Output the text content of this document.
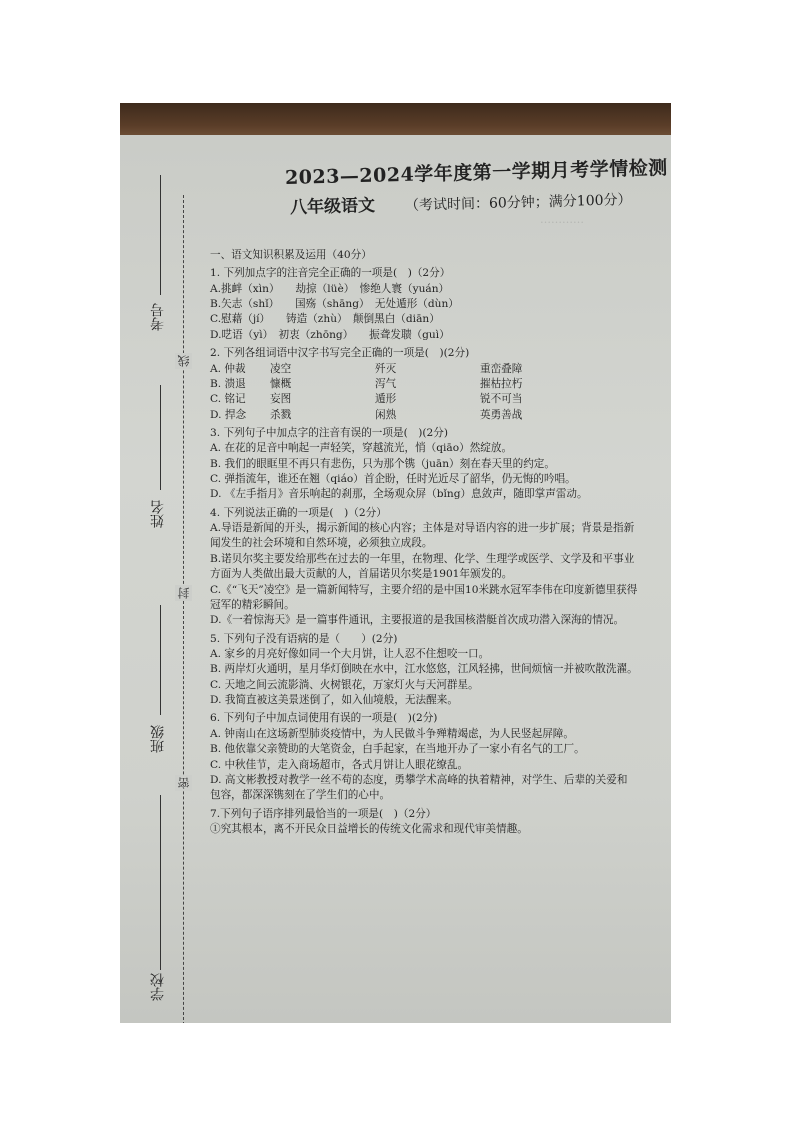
…………
考号
线
姓名
封
班级
密
学校
2023—2024学年度第一学期月考学情检测
八年级语文 （考试时间：60分钟；满分100分）
一、语文知识积累及运用（40分）
1. 下列加点字的注音完全正确的一项是(　)（2分）
A.挑衅（xìn）　　劫掠（lüè）　惨绝人寰（yuán）
B.矢志（shǐ）　　国殇（shāng）　无处遁形（dùn）
C.慰藉（jí）　　铸造（zhù）　颠倒黑白（diān）
D.呓语（yì）　初衷（zhōng）　　振聋发聩（guì）
2. 下列各组词语中汉字书写完全正确的一项是(　)(2分)
A. 仲裁	凌空	歼灭	重峦叠障
B. 溃退	慷概	泻气	摧枯拉朽
C. 铭记	妄图	遁形	锐不可当
D. 捍念	杀戮	闲熟	英勇善战
3. 下列句子中加点字的注音有误的一项是(　)(2分)
A. 在花的足音中响起一声轻笑，穿越流光，悄（qiāo）然绽放。
B. 我们的眼眶里不再只有悲伤，只为那个镌（juān）刻在春天里的约定。
C. 弹指流年，谁还在翘（qiáo）首企盼，任时光近尽了韶华，仍无悔的吟唱。
D. 《左手指月》音乐响起的刹那，全场观众屏（bǐng）息敛声，随即掌声雷动。
4. 下列说法正确的一项是(　)（2分）
A.导语是新闻的开头，揭示新闻的核心内容；主体是对导语内容的进一步扩展；背景是指新
闻发生的社会环境和自然环境，必须独立成段。
B.诺贝尔奖主要发给那些在过去的一年里，在物理、化学、生理学或医学、文学及和平事业
方面为人类做出最大贡献的人，首届诺贝尔奖是1901年颁发的。
C.《“飞天”凌空》是一篇新闻特写，主要介绍的是中国10米跳水冠军李伟在印度新德里获得
冠军的精彩瞬间。
D.《一着惊海天》是一篇事件通讯，主要报道的是我国核潜艇首次成功潜入深海的情况。
5. 下列句子没有语病的是（　　）(2分)
A. 家乡的月亮好像如同一个大月饼，让人忍不住想咬一口。
B. 两岸灯火通明，星月华灯倒映在水中，江水悠悠，江风轻拂，世间烦恼一并被吹散洗濯。
C. 天地之间云流影淌、火树银花，万家灯火与天河群星。
D. 我简直被这美景迷倒了，如入仙境般，无法醒来。
6. 下列句子中加点词使用有误的一项是(　)(2分)
A. 钟南山在这场新型肺炎疫情中，为人民做斗争殚精竭虑，为人民竖起屏障。
B. 他依靠父亲赞助的大笔资金，白手起家，在当地开办了一家小有名气的工厂。
C. 中秋佳节，走入商场超市，各式月饼让人眼花缭乱。
D. 高文彬教授对教学一丝不苟的态度，勇攀学术高峰的执着精神，对学生、后辈的关爱和
包容，都深深镌刻在了学生们的心中。
7.下列句子语序排列最恰当的一项是(　)（2分）
①究其根本，离不开民众日益增长的传统文化需求和现代审美情趣。
